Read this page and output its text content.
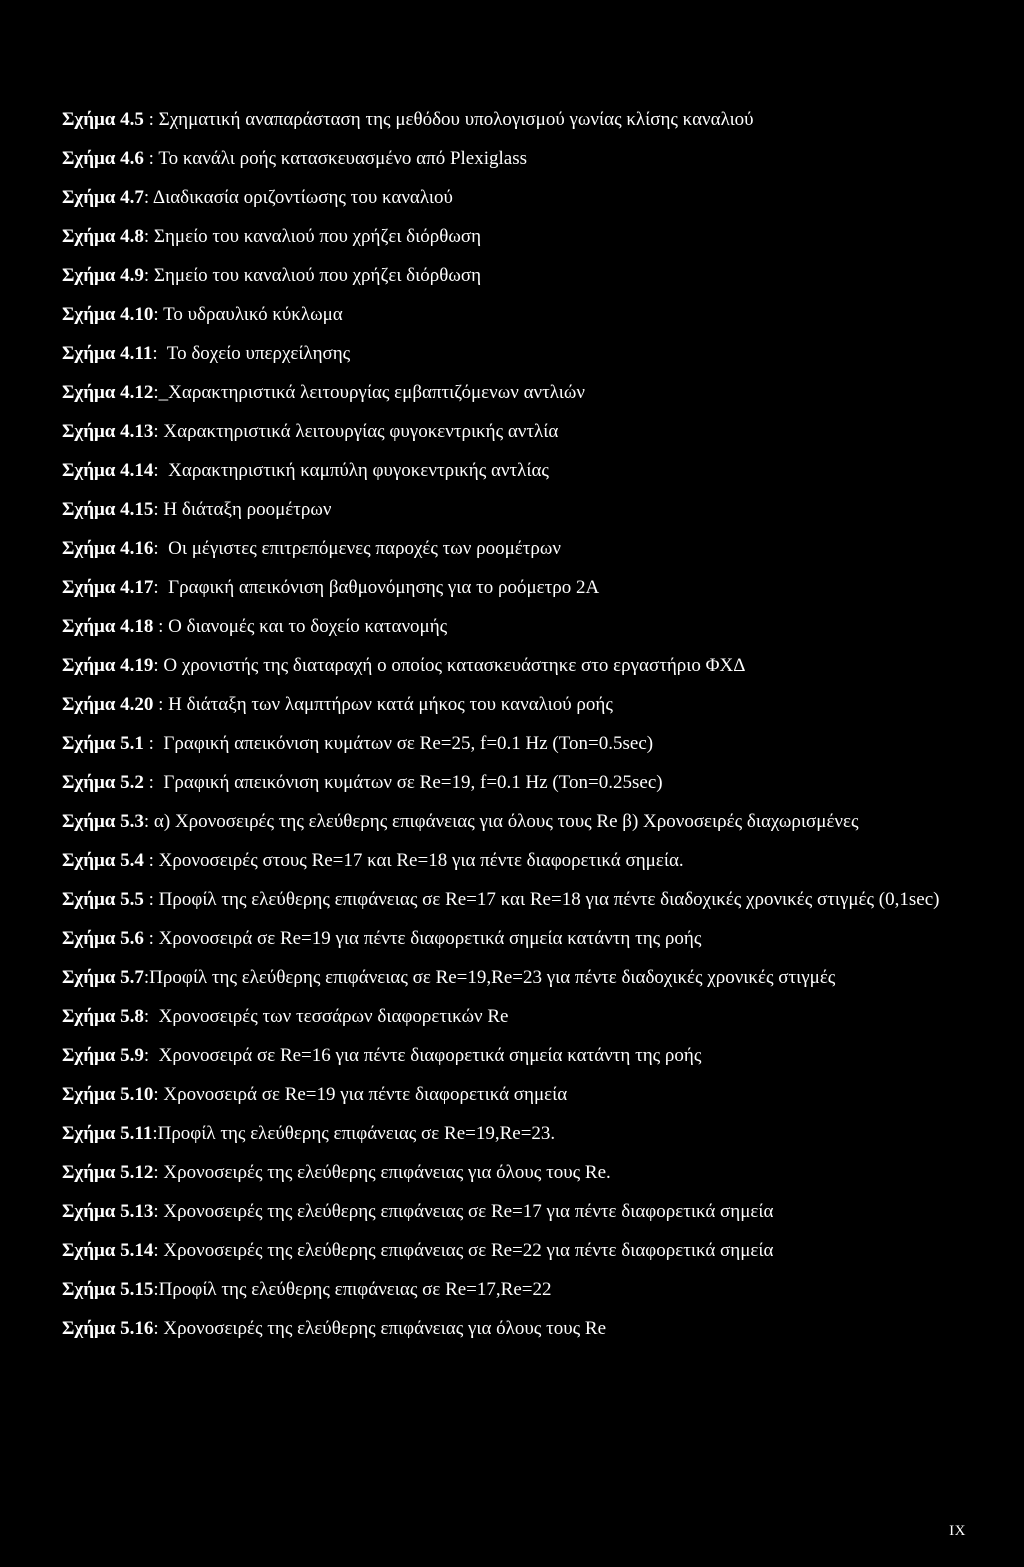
Σχήμα 4.5 : Σχηματική αναπαράσταση της μεθόδου υπολογισμού γωνίας κλίσης καναλιού

Σχήμα 4.6 : Το κανάλι ροής κατασκευασμένο από Plexiglass

Σχήμα 4.7: Διαδικασία οριζοντίωσης του καναλιού

Σχήμα 4.8: Σημείο του καναλιού που χρήζει διόρθωση

Σχήμα 4.9: Σημείο του καναλιού που χρήζει διόρθωση

Σχήμα 4.10: Το υδραυλικό κύκλωμα

Σχήμα 4.11:  Το δοχείο υπερχείλησης

Σχήμα 4.12:_Χαρακτηριστικά λειτουργίας εμβαπτιζόμενων αντλιών

Σχήμα 4.13: Χαρακτηριστικά λειτουργίας φυγοκεντρικής αντλία

Σχήμα 4.14:  Χαρακτηριστική καμπύλη φυγοκεντρικής αντλίας

Σχήμα 4.15: Η διάταξη ροομέτρων

Σχήμα 4.16:  Οι μέγιστες επιτρεπόμενες παροχές των ροομέτρων

Σχήμα 4.17:  Γραφική απεικόνιση βαθμονόμησης για το ροόμετρο 2Α

Σχήμα 4.18 : Ο διανομές και το δοχείο κατανομής

Σχήμα 4.19: Ο χρονιστής της διαταραχή ο οποίος κατασκευάστηκε στο εργαστήριο ΦΧΔ

Σχήμα 4.20 : Η διάταξη των λαμπτήρων κατά μήκος του καναλιού ροής

Σχήμα 5.1 :  Γραφική απεικόνιση κυμάτων σε Re=25, f=0.1 Hz (Ton=0.5sec)

Σχήμα 5.2 :  Γραφική απεικόνιση κυμάτων σε Re=19, f=0.1 Hz (Ton=0.25sec)

Σχήμα 5.3: α) Χρονοσειρές της ελεύθερης επιφάνειας για όλους τους Re β) Χρονοσειρές διαχωρισμένες

Σχήμα 5.4 : Χρονοσειρές στους Re=17 και Re=18 για πέντε διαφορετικά σημεία.

Σχήμα 5.5 : Προφίλ της ελεύθερης επιφάνειας σε Re=17 και Re=18 για πέντε διαδοχικές χρονικές στιγμές (0,1sec)

Σχήμα 5.6 : Χρονοσειρά σε Re=19 για πέντε διαφορετικά σημεία κατάντη της ροής

Σχήμα 5.7:Προφίλ της ελεύθερης επιφάνειας σε Re=19,Re=23 για πέντε διαδοχικές χρονικές στιγμές

Σχήμα 5.8:  Χρονοσειρές των τεσσάρων διαφορετικών Re

Σχήμα 5.9:  Χρονοσειρά σε Re=16 για πέντε διαφορετικά σημεία κατάντη της ροής

Σχήμα 5.10: Χρονοσειρά σε Re=19 για πέντε διαφορετικά σημεία

Σχήμα 5.11:Προφίλ της ελεύθερης επιφάνειας σε Re=19,Re=23.

Σχήμα 5.12: Χρονοσειρές της ελεύθερης επιφάνειας για όλους τους Re.

Σχήμα 5.13: Χρονοσειρές της ελεύθερης επιφάνειας σε Re=17 για πέντε διαφορετικά σημεία

Σχήμα 5.14: Χρονοσειρές της ελεύθερης επιφάνειας σε Re=22 για πέντε διαφορετικά σημεία

Σχήμα 5.15:Προφίλ της ελεύθερης επιφάνειας σε Re=17,Re=22

Σχήμα 5.16: Χρονοσειρές της ελεύθερης επιφάνειας για όλους τους Re

IX
